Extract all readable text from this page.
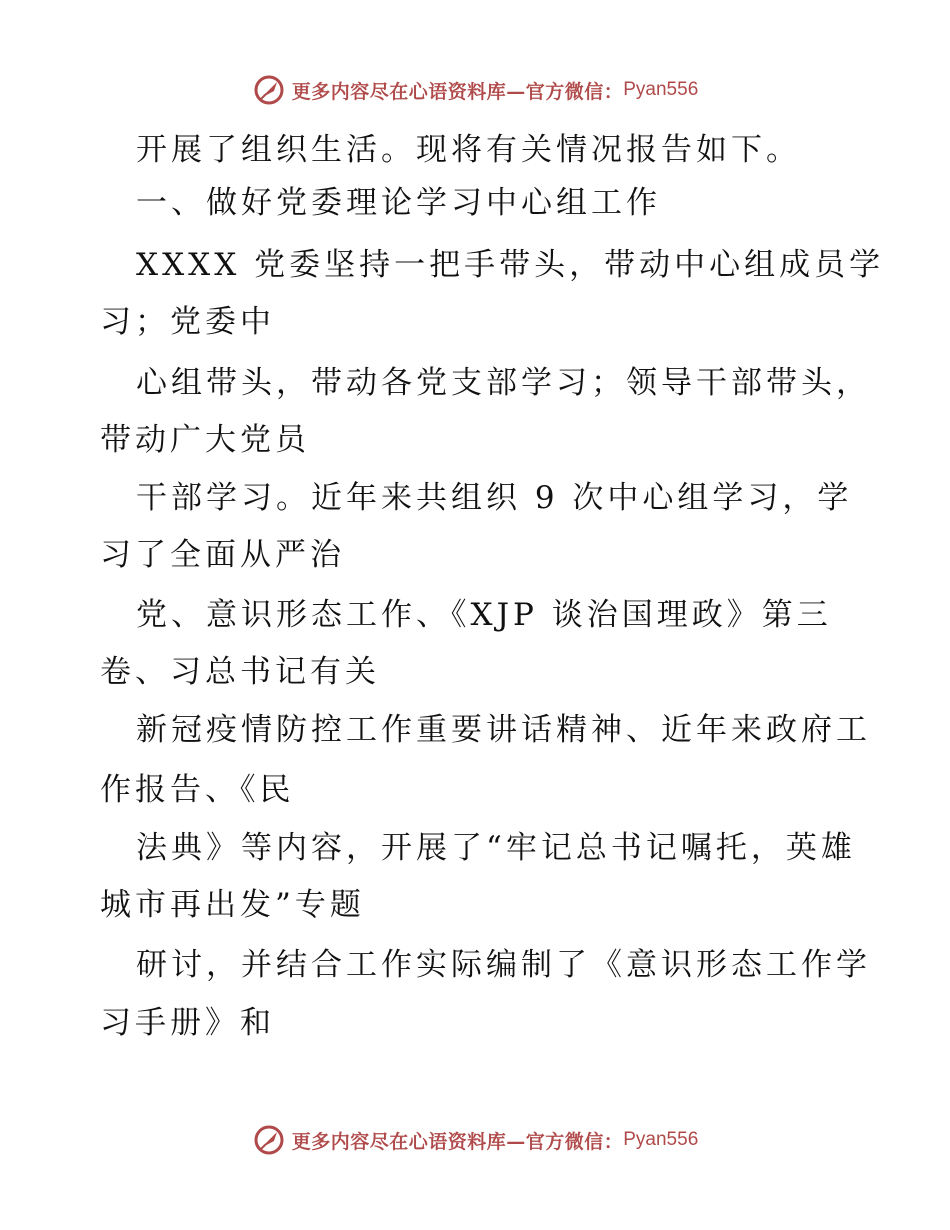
更多内容尽在心语资料库—官方微信： Pyan556
开展了组织生活。现将有关情况报告如下。
一、做好党委理论学习中心组工作
XXXX 党委坚持一把手带头，带动中心组成员学
习；党委中
心组带头，带动各党支部学习；领导干部带头，
带动广大党员
干部学习。近年来共组织 9 次中心组学习，学
习了全面从严治
党、意识形态工作、《XJP 谈治国理政》第三
卷、习总书记有关
新冠疫情防控工作重要讲话精神、近年来政府工
作报告、《民
法典》等内容，开展了“牢记总书记嘱托，英雄
城市再出发”专题
研讨，并结合工作实际编制了《意识形态工作学
习手册》和
更多内容尽在心语资料库—官方微信： Pyan556
